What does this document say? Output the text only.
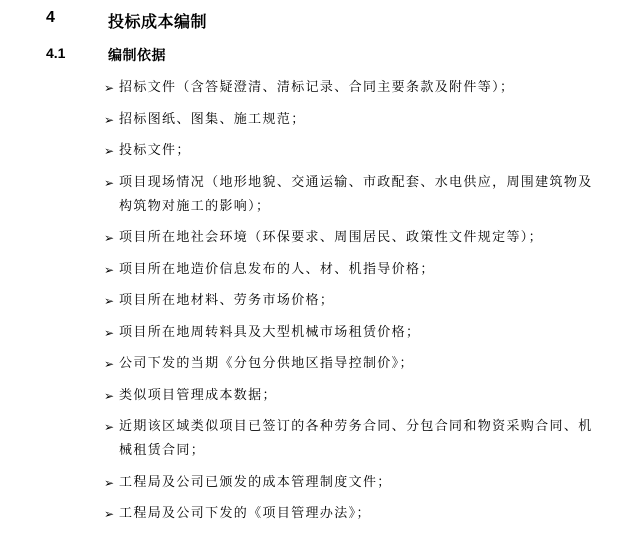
4	投标成本编制
4.1	编制依据
➢ 招标文件（含答疑澄清、清标记录、合同主要条款及附件等）；
➢ 招标图纸、图集、施工规范；
➢ 投标文件；
➢ 项目现场情况（地形地貌、交通运输、市政配套、水电供应，周围建筑物及构筑物对施工的影响）；
➢ 项目所在地社会环境（环保要求、周围居民、政策性文件规定等）；
➢ 项目所在地造价信息发布的人、材、机指导价格；
➢ 项目所在地材料、劳务市场价格；
➢ 项目所在地周转料具及大型机械市场租赁价格；
➢ 公司下发的当期《分包分供地区指导控制价》；
➢ 类似项目管理成本数据；
➢ 近期该区域类似项目已签订的各种劳务合同、分包合同和物资采购合同、机械租赁合同；
➢ 工程局及公司已颁发的成本管理制度文件；
➢ 工程局及公司下发的《项目管理办法》；
